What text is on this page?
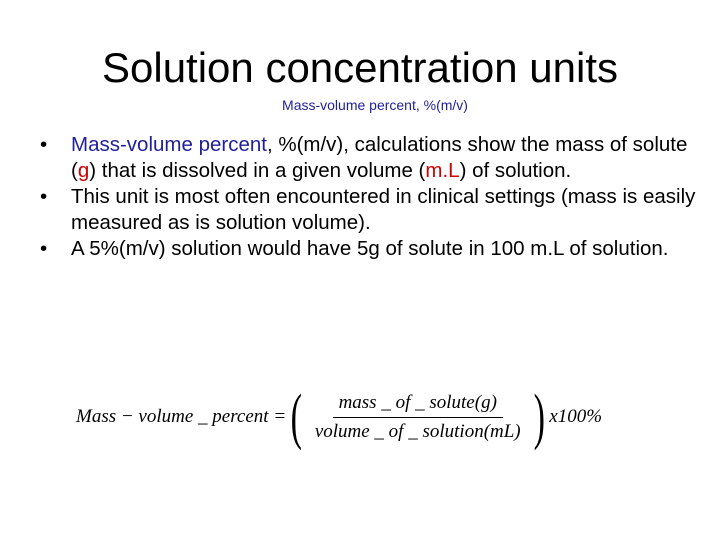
Solution concentration units
Mass-volume percent, %(m/v)
• Mass-volume percent, %(m/v), calculations show the mass of solute (g) that is dissolved in a given volume (m.L) of solution.
• This unit is most often encountered in clinical settings (mass is easily measured as is solution volume).
• A 5%(m/v) solution would have 5g of solute in 100 m.L of solution.
Mass − volume _ percent = ( $\frac{\text{mass \_ of \_ solute(g)}}{\text{volume \_ of \_ solution(mL)}}$ ) x100%
